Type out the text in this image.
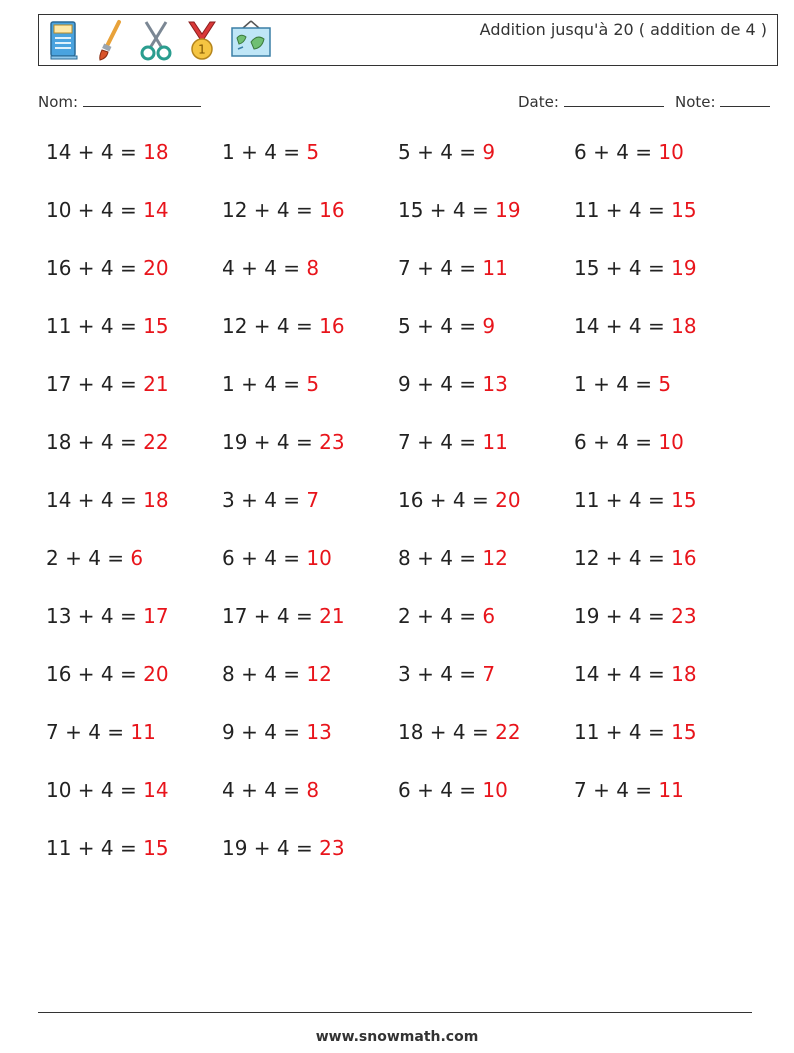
1
Addition jusqu'à 20 ( addition de 4 )
Nom:	Date:	Note:
14 + 4 = 18	1 + 4 = 5	5 + 4 = 9	6 + 4 = 10
10 + 4 = 14	12 + 4 = 16	15 + 4 = 19	11 + 4 = 15
16 + 4 = 20	4 + 4 = 8	7 + 4 = 11	15 + 4 = 19
11 + 4 = 15	12 + 4 = 16	5 + 4 = 9	14 + 4 = 18
17 + 4 = 21	1 + 4 = 5	9 + 4 = 13	1 + 4 = 5
18 + 4 = 22	19 + 4 = 23	7 + 4 = 11	6 + 4 = 10
14 + 4 = 18	3 + 4 = 7	16 + 4 = 20	11 + 4 = 15
2 + 4 = 6	6 + 4 = 10	8 + 4 = 12	12 + 4 = 16
13 + 4 = 17	17 + 4 = 21	2 + 4 = 6	19 + 4 = 23
16 + 4 = 20	8 + 4 = 12	3 + 4 = 7	14 + 4 = 18
7 + 4 = 11	9 + 4 = 13	18 + 4 = 22	11 + 4 = 15
10 + 4 = 14	4 + 4 = 8	6 + 4 = 10	7 + 4 = 11
11 + 4 = 15	19 + 4 = 23
www.snowmath.com
